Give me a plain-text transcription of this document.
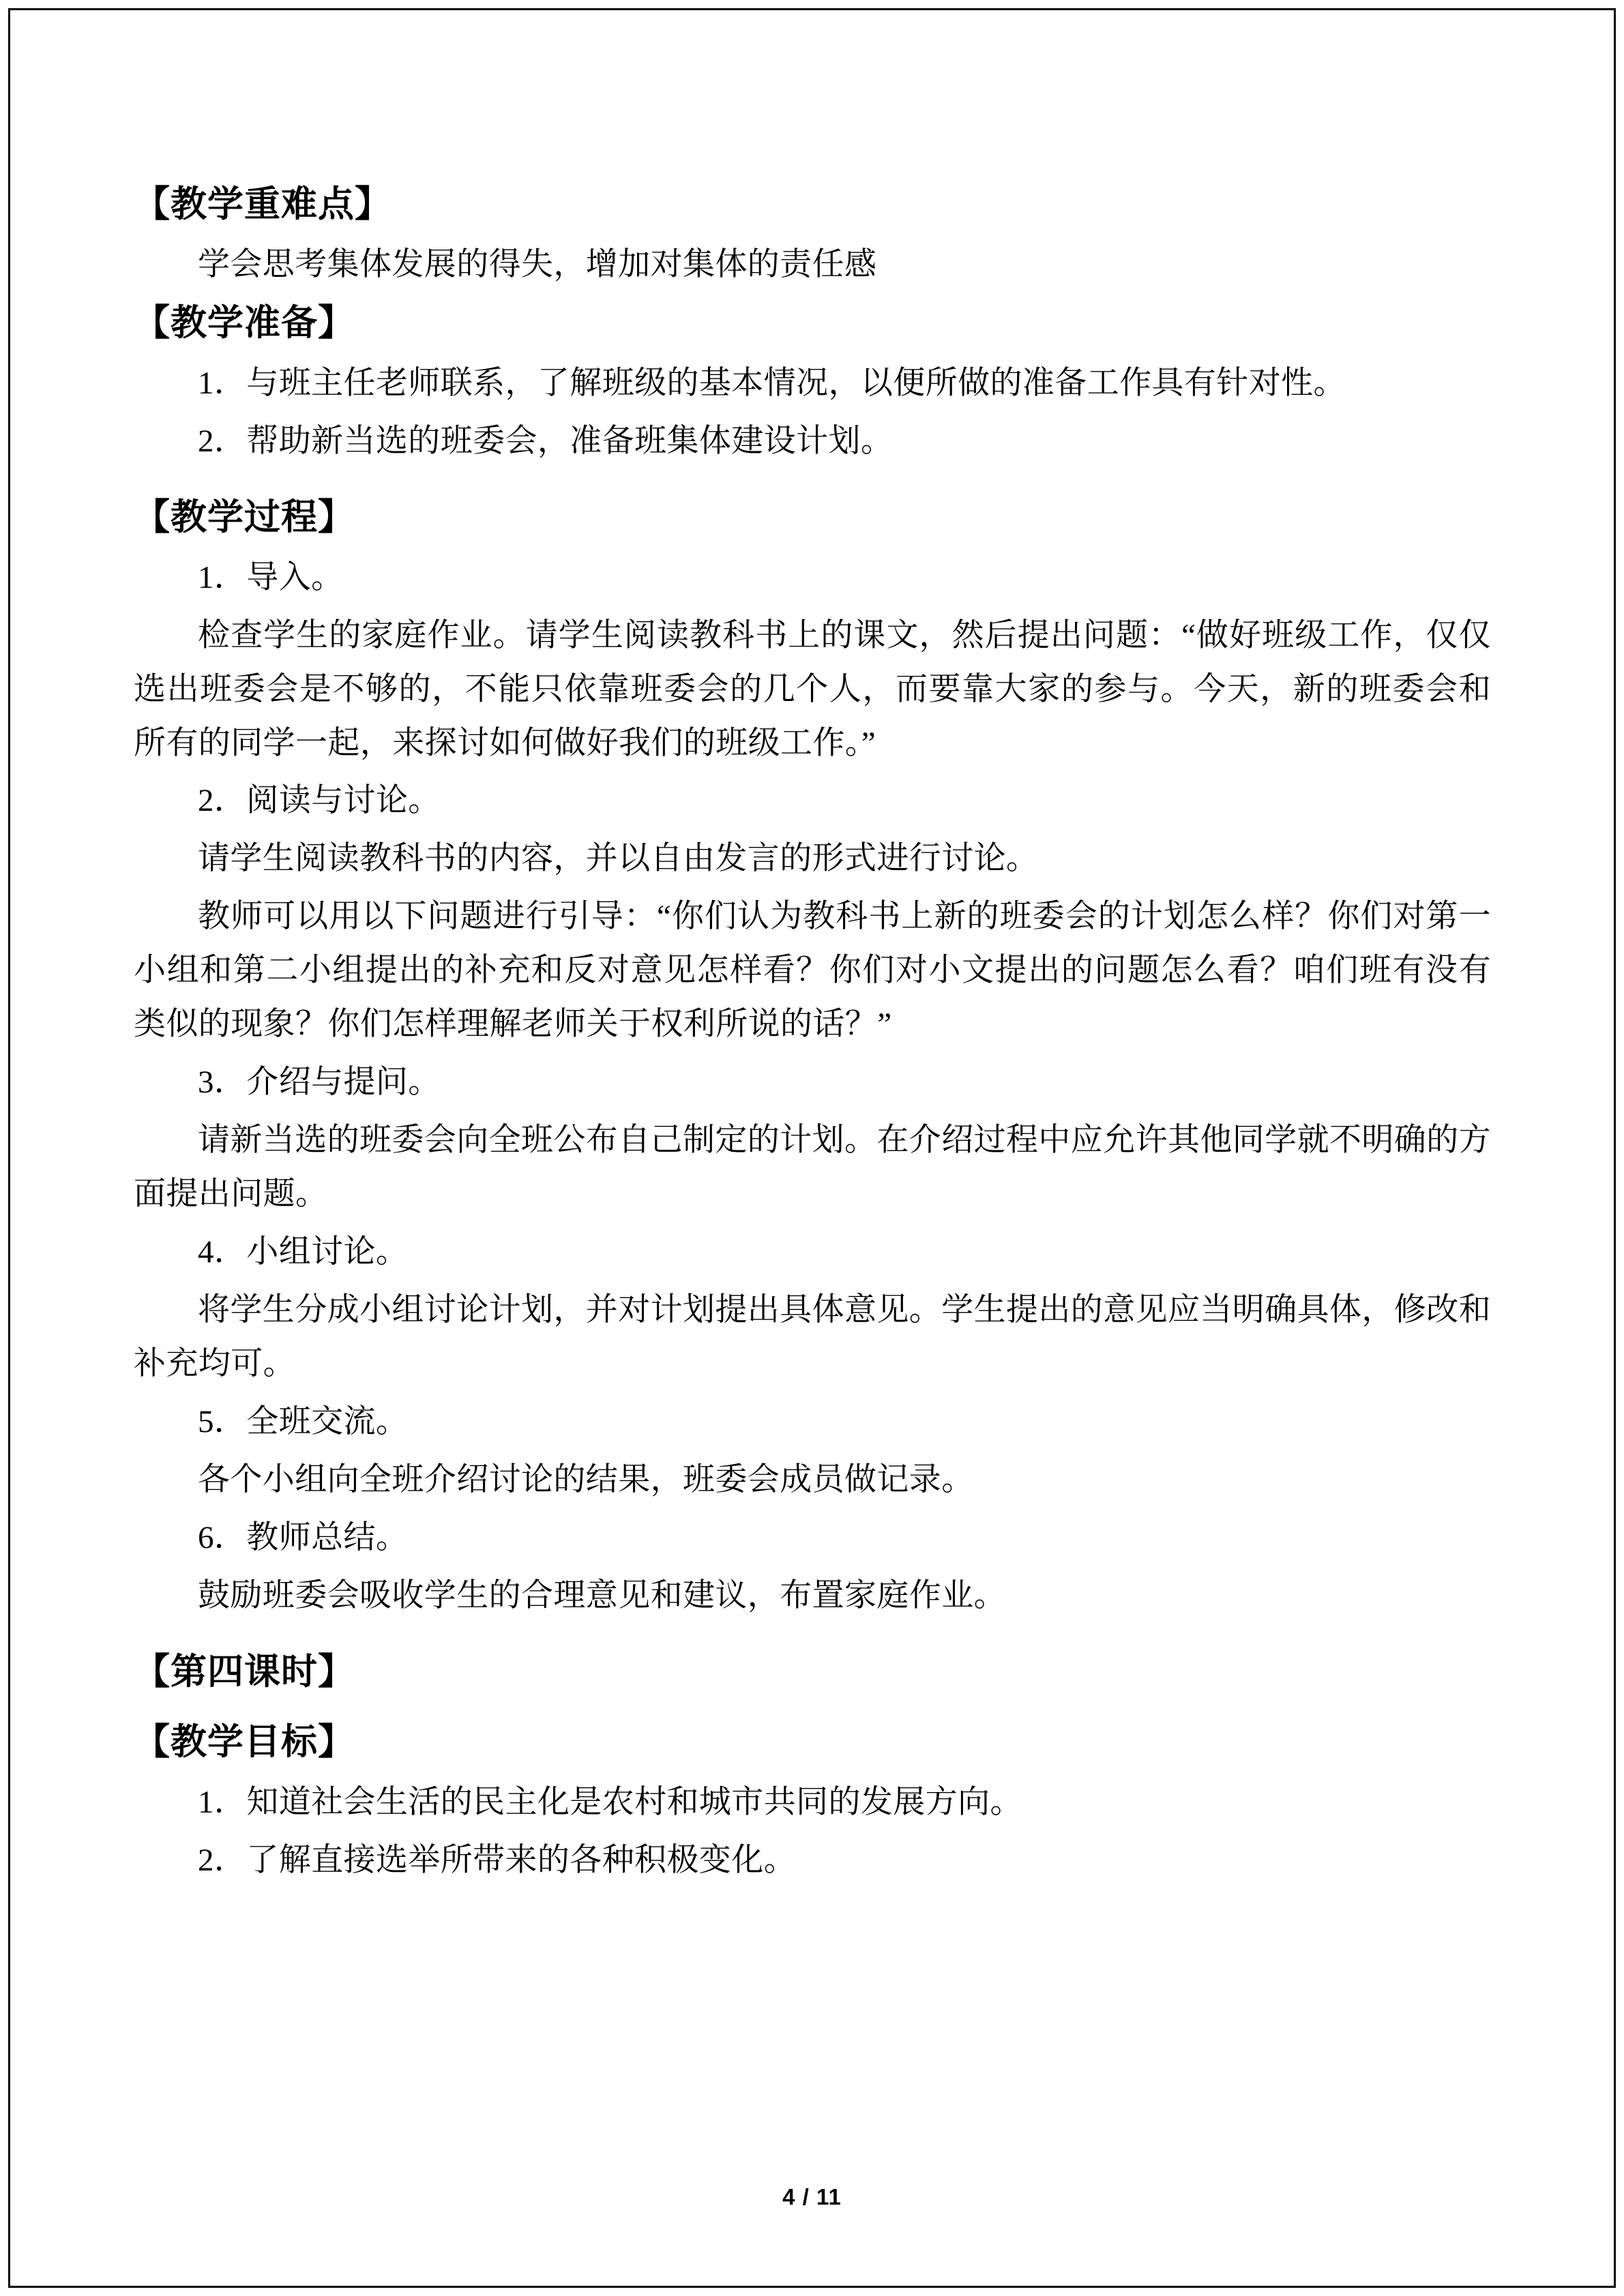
【教学重难点】

学会思考集体发展的得失，增加对集体的责任感

【教学准备】

1．与班主任老师联系，了解班级的基本情况，以便所做的准备工作具有针对性。

2．帮助新当选的班委会，准备班集体建设计划。

【教学过程】

1．导入。

检查学生的家庭作业。请学生阅读教科书上的课文，然后提出问题：“做好班级工作，仅仅选出班委会是不够的，不能只依靠班委会的几个人，而要靠大家的参与。今天，新的班委会和所有的同学一起，来探讨如何做好我们的班级工作。”

2．阅读与讨论。

请学生阅读教科书的内容，并以自由发言的形式进行讨论。

教师可以用以下问题进行引导：“你们认为教科书上新的班委会的计划怎么样？你们对第一小组和第二小组提出的补充和反对意见怎样看？你们对小文提出的问题怎么看？咱们班有没有类似的现象？你们怎样理解老师关于权利所说的话？”

3．介绍与提问。

请新当选的班委会向全班公布自己制定的计划。在介绍过程中应允许其他同学就不明确的方面提出问题。

4．小组讨论。

将学生分成小组讨论计划，并对计划提出具体意见。学生提出的意见应当明确具体，修改和补充均可。

5．全班交流。

各个小组向全班介绍讨论的结果，班委会成员做记录。

6．教师总结。

鼓励班委会吸收学生的合理意见和建议，布置家庭作业。

【第四课时】
【教学目标】

1．知道社会生活的民主化是农村和城市共同的发展方向。

2．了解直接选举所带来的各种积极变化。

4 / 11
